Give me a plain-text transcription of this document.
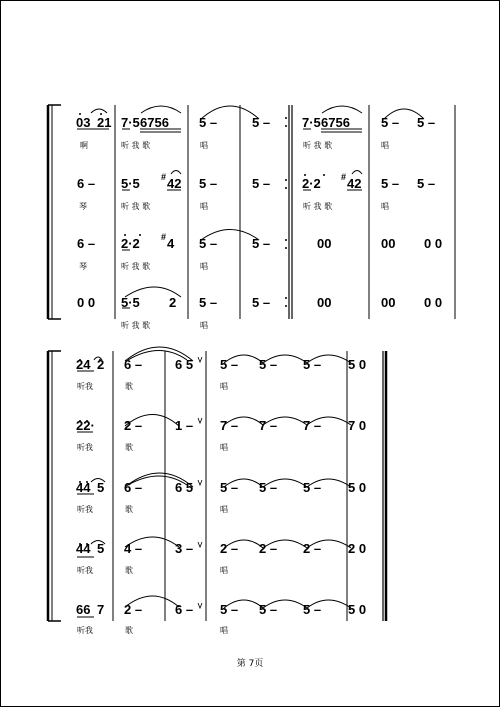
03 21 7·5 6756 5 –	5 – 7·5 6756 5 – 5 –
啊	听 我 歌	唱	听 我 歌	唱
6 – 5·5 # 42 5 –	5 – 2·2 # 42 5 – 5 –
琴	听 我 歌	唱	听 我 歌	唱
6 – 2·2 # 4 5 –	5 –	00	00 0 0
琴	听 我 歌	唱
0 0 5·5 2 5 –	5 –	00	00 0 0
听 我 歌	唱
24 2 6 –	6 5 5 – 5 – 5 – 5 0
听我	歌	唱
22· 2 –	1 – 7 – 7 – 7 – 7 0
听我	歌	唱
44 5 6 –	6 5 5 – 5 – 5 – 5 0
听我	歌	唱
44 5 4 –	3 – 2 – 2 – 2 – 2 0
听我	歌	唱
66 7 2 –	6 – 5 – 5 – 5 – 5 0
听我	歌	唱
第 7页
